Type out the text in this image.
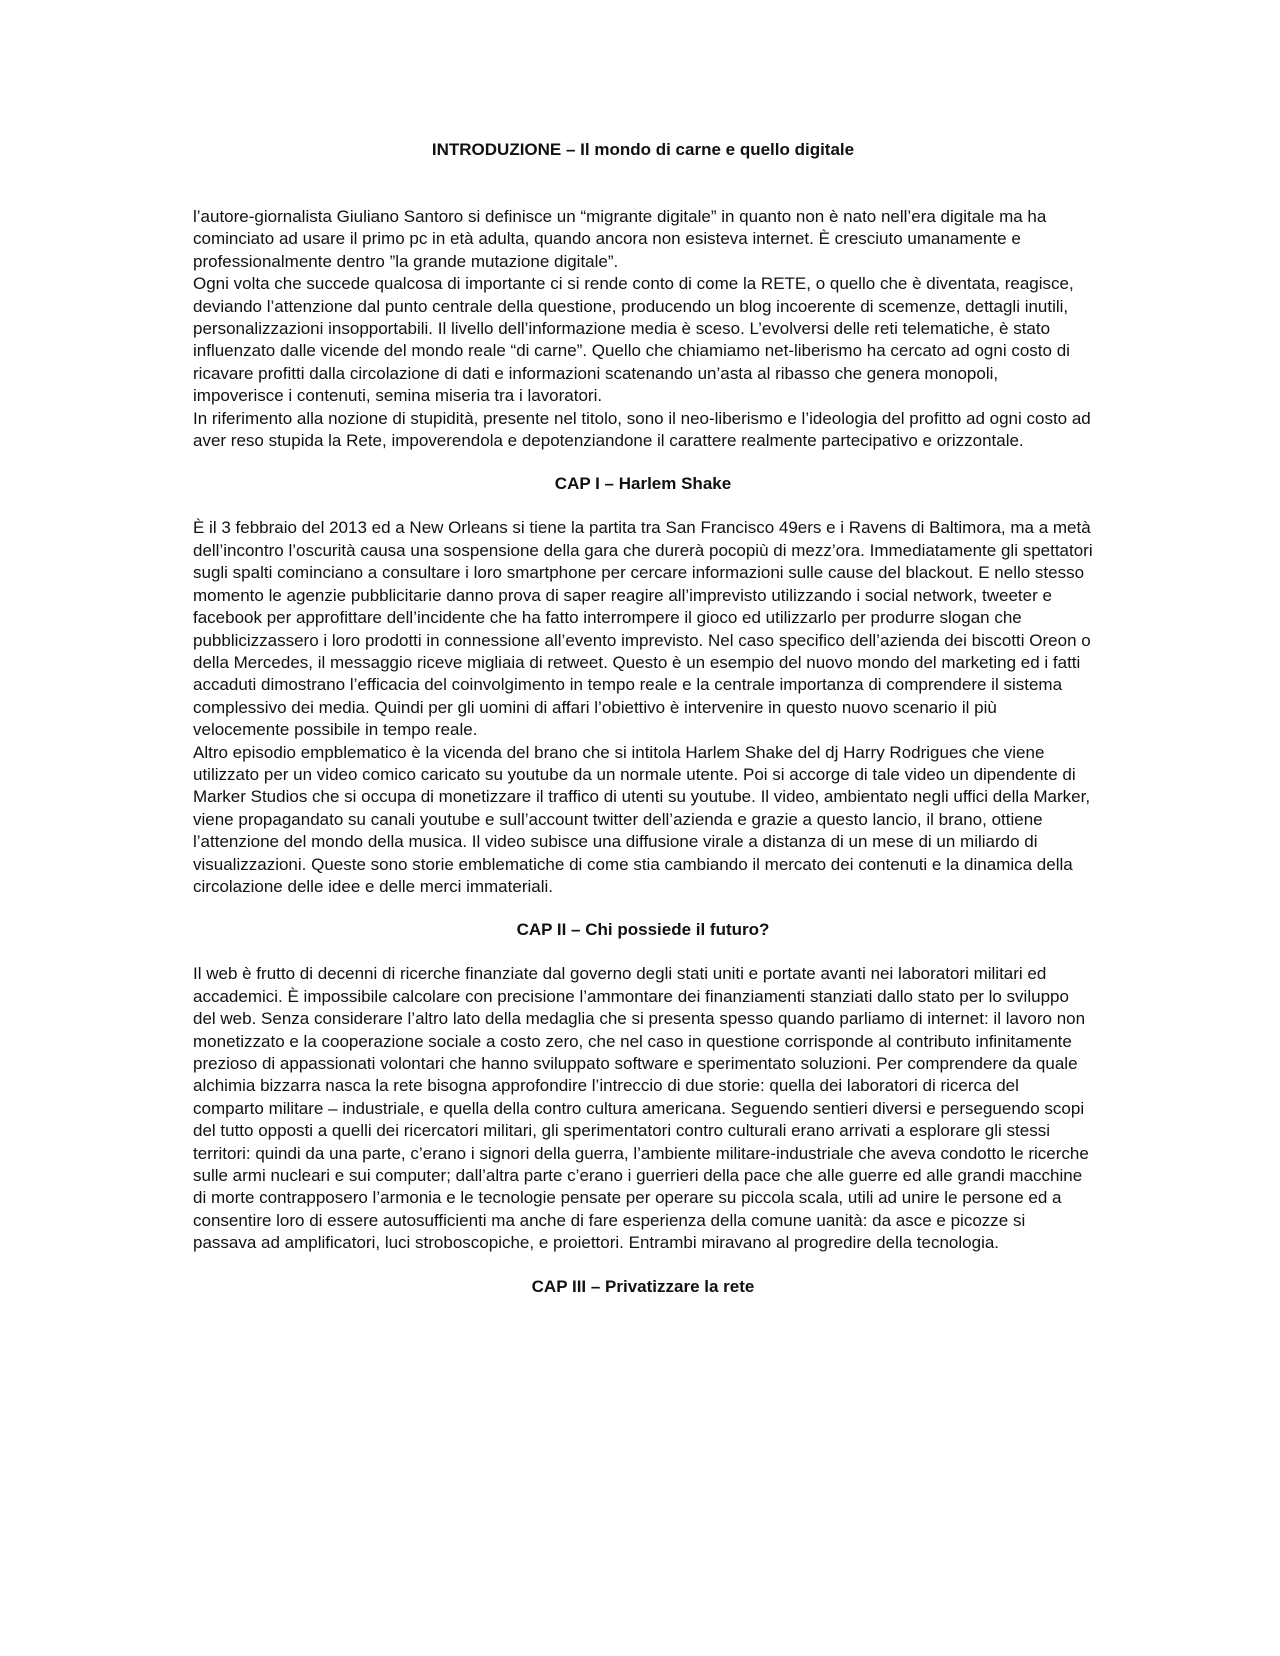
INTRODUZIONE – Il mondo di carne e quello digitale

l’autore-giornalista Giuliano Santoro si definisce un “migrante digitale” in quanto non è nato nell’era digitale ma ha cominciato ad usare il primo pc in età adulta, quando ancora non esisteva internet. È cresciuto umanamente e professionalmente dentro ”la grande mutazione digitale”.

Ogni volta che succede qualcosa di importante ci si rende conto di come la RETE, o quello che è diventata, reagisce, deviando l’attenzione dal punto centrale della questione, producendo un blog incoerente di scemenze, dettagli inutili, personalizzazioni insopportabili. Il livello dell’informazione media è sceso. L’evolversi delle reti telematiche, è stato influenzato dalle vicende del mondo reale “di carne”. Quello che chiamiamo net-liberismo ha cercato ad ogni costo di ricavare profitti dalla circolazione di dati e informazioni scatenando un’asta al ribasso che genera monopoli, impoverisce i contenuti, semina miseria tra i lavoratori.

In riferimento alla nozione di stupidità, presente nel titolo, sono il neo-liberismo e l’ideologia del profitto ad ogni costo ad aver reso stupida la Rete, impoverendola e depotenziandone il carattere realmente partecipativo e orizzontale.

CAP I – Harlem Shake

È il 3 febbraio del 2013 ed a New Orleans si tiene la partita tra San Francisco 49ers e i Ravens di Baltimora, ma a metà dell’incontro l’oscurità causa una sospensione della gara che durerà pocopiù di mezz’ora. Immediatamente gli spettatori sugli spalti cominciano a consultare i loro smartphone per cercare informazioni sulle cause del blackout. E nello stesso momento le agenzie pubblicitarie danno prova di saper reagire all’imprevisto utilizzando i social network, tweeter e facebook per approfittare dell’incidente che ha fatto interrompere il gioco ed utilizzarlo per produrre slogan che pubblicizzassero i loro prodotti in connessione all’evento imprevisto. Nel caso specifico dell’azienda dei biscotti Oreon o della Mercedes, il messaggio riceve migliaia di retweet. Questo è un esempio del nuovo mondo del marketing ed i fatti accaduti dimostrano l’efficacia del coinvolgimento in tempo reale e la centrale importanza di comprendere il sistema complessivo dei media. Quindi per gli uomini di affari l’obiettivo è intervenire in questo nuovo scenario il più velocemente possibile in tempo reale.

Altro episodio empblematico è la vicenda del brano che si intitola Harlem Shake del dj Harry Rodrigues che viene utilizzato per un video comico caricato su youtube da un normale utente. Poi si accorge di tale video un dipendente di Marker Studios che si occupa di monetizzare il traffico di utenti su youtube. Il video, ambientato negli uffici della Marker, viene propagandato su canali youtube e sull’account twitter dell’azienda e grazie a questo lancio, il brano, ottiene l’attenzione del mondo della musica. Il video subisce una diffusione virale a distanza di un mese di un miliardo di visualizzazioni. Queste sono storie emblematiche di come stia cambiando il mercato dei contenuti e la dinamica della circolazione delle idee e delle merci immateriali.

CAP II – Chi possiede il futuro?

Il web è frutto di decenni di ricerche finanziate dal governo degli stati uniti e portate avanti nei laboratori militari ed accademici. È impossibile calcolare con precisione l’ammontare dei finanziamenti stanziati dallo stato per lo sviluppo del web. Senza considerare l’altro lato della medaglia che si presenta spesso quando parliamo di internet: il lavoro non monetizzato e la cooperazione sociale a costo zero, che nel caso in questione corrisponde al contributo infinitamente prezioso di appassionati volontari che hanno sviluppato software e sperimentato soluzioni. Per comprendere da quale alchimia bizzarra nasca la rete bisogna approfondire l’intreccio di due storie: quella dei laboratori di ricerca del comparto militare – industriale, e quella della contro cultura americana. Seguendo sentieri diversi e perseguendo scopi del tutto opposti a quelli dei ricercatori militari, gli sperimentatori contro culturali erano arrivati a esplorare gli stessi territori: quindi da una parte, c’erano i signori della guerra, l’ambiente militare-industriale che aveva condotto le ricerche sulle armi nucleari e sui computer; dall’altra parte c’erano i guerrieri della pace che alle guerre ed alle grandi macchine di morte contrapposero l’armonia e le tecnologie pensate per operare su piccola scala, utili ad unire le persone ed a consentire loro di essere autosufficienti ma anche di fare esperienza della comune uanità: da asce e picozze si passava ad amplificatori, luci stroboscopiche, e proiettori. Entrambi miravano al progredire della tecnologia.

CAP III – Privatizzare la rete
